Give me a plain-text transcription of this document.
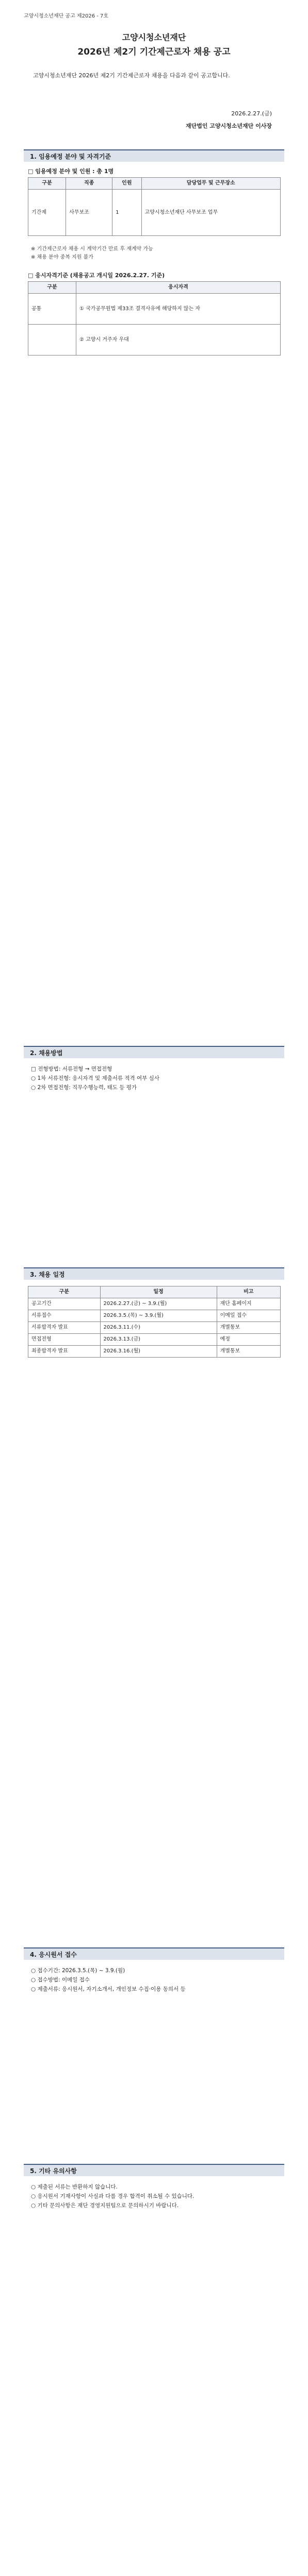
고양시청소년재단 공고 제2026 - 7호
고양시청소년재단
2026년 제2기 기간제근로자 채용 공고
고양시청소년재단 2026년 제2기 기간제근로자 채용을 다음과 같이 공고합니다.
2026.2.27.(금)
재단법인 고양시청소년재단 이사장
1. 임용예정 분야 및 자격기준
□ 임용예정 분야 및 인원 : 총 1명
구분	직종	인원	담당업무 및 근무장소
기간제	사무보조	1	고양시청소년재단 사무보조 업무
※ 기간제근로자 채용 시 계약기간 만료 후 재계약 가능
※ 채용 분야 중복 지원 불가
□ 응시자격기준 (채용공고 개시일 2026.2.27. 기준)
구분	응시자격
공통	① 국가공무원법 제33조 결격사유에 해당하지 않는 자
	② 고양시 거주자 우대
2. 채용방법
□ 전형방법: 서류전형 → 면접전형
○ 1차 서류전형: 응시자격 및 제출서류 적격 여부 심사
○ 2차 면접전형: 직무수행능력, 태도 등 평가
3. 채용 일정
구분	일정	비고
공고기간	2026.2.27.(금) ~ 3.9.(월)	재단 홈페이지
서류접수	2026.3.5.(목) ~ 3.9.(월)	이메일 접수
서류합격자 발표	2026.3.11.(수)	개별통보
면접전형	2026.3.13.(금)	예정
최종합격자 발표	2026.3.16.(월)	개별통보
4. 응시원서 접수
○ 접수기간: 2026.3.5.(목) ~ 3.9.(월)
○ 접수방법: 이메일 접수
○ 제출서류: 응시원서, 자기소개서, 개인정보 수집·이용 동의서 등
5. 기타 유의사항
○ 제출된 서류는 반환하지 않습니다.
○ 응시원서 기재사항이 사실과 다를 경우 합격이 취소될 수 있습니다.
○ 기타 문의사항은 재단 경영지원팀으로 문의하시기 바랍니다.
